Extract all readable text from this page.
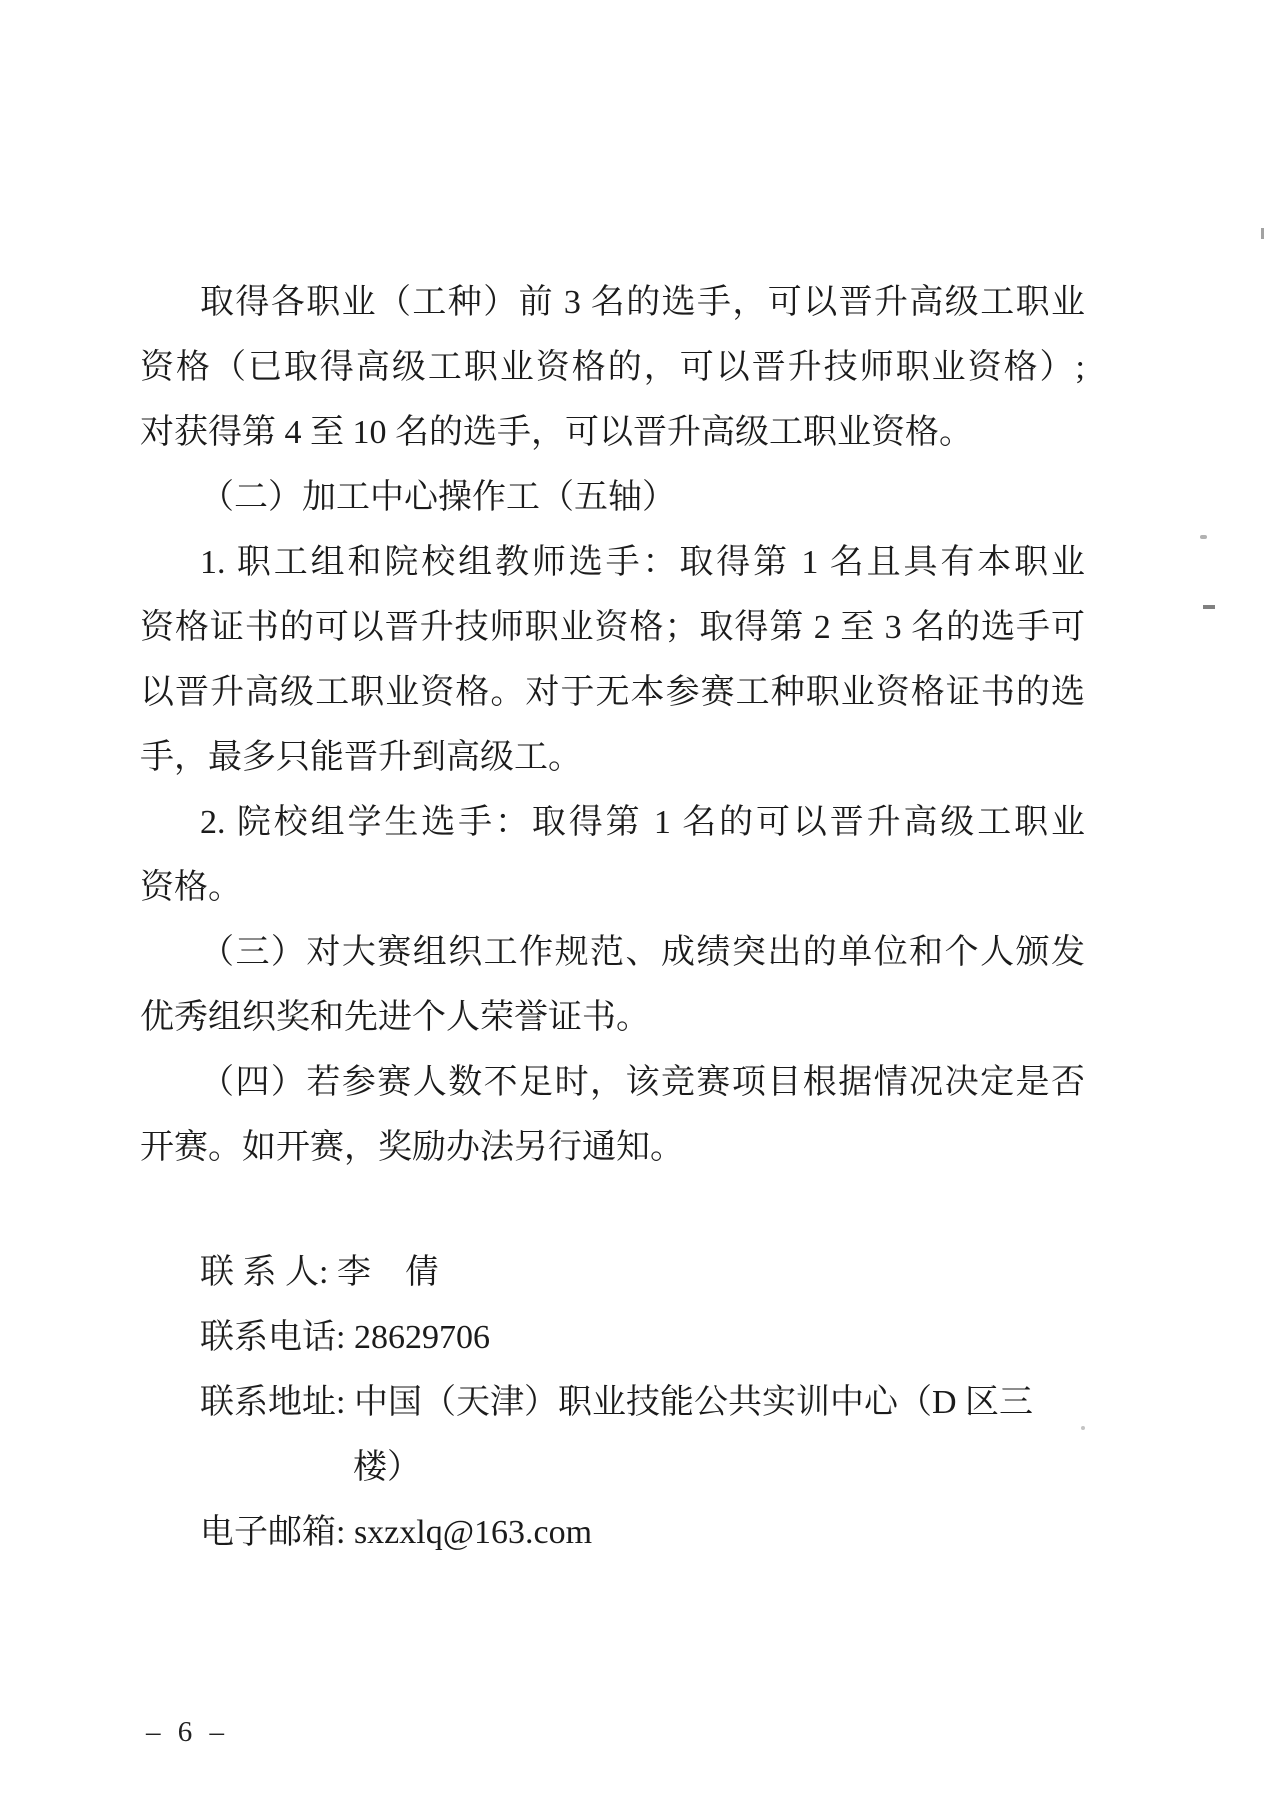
取得各职业（工种）前 3 名的选手，可以晋升高级工职业
资格（已取得高级工职业资格的，可以晋升技师职业资格）;
对获得第 4 至 10 名的选手，可以晋升高级工职业资格。
（二）加工中心操作工（五轴）
1. 职工组和院校组教师选手：取得第 1 名且具有本职业
资格证书的可以晋升技师职业资格；取得第 2 至 3 名的选手可
以晋升高级工职业资格。对于无本参赛工种职业资格证书的选
手，最多只能晋升到高级工。
2. 院校组学生选手：取得第 1 名的可以晋升高级工职业
资格。
（三）对大赛组织工作规范、成绩突出的单位和个人颁发
优秀组织奖和先进个人荣誉证书。
（四）若参赛人数不足时，该竞赛项目根据情况决定是否
开赛。如开赛，奖励办法另行通知。
联 系 人: 李　倩
联系电话: 28629706
联系地址: 中国（天津）职业技能公共实训中心（D 区三
楼）
电子邮箱: sxzxlq@163.com
– 6 –
